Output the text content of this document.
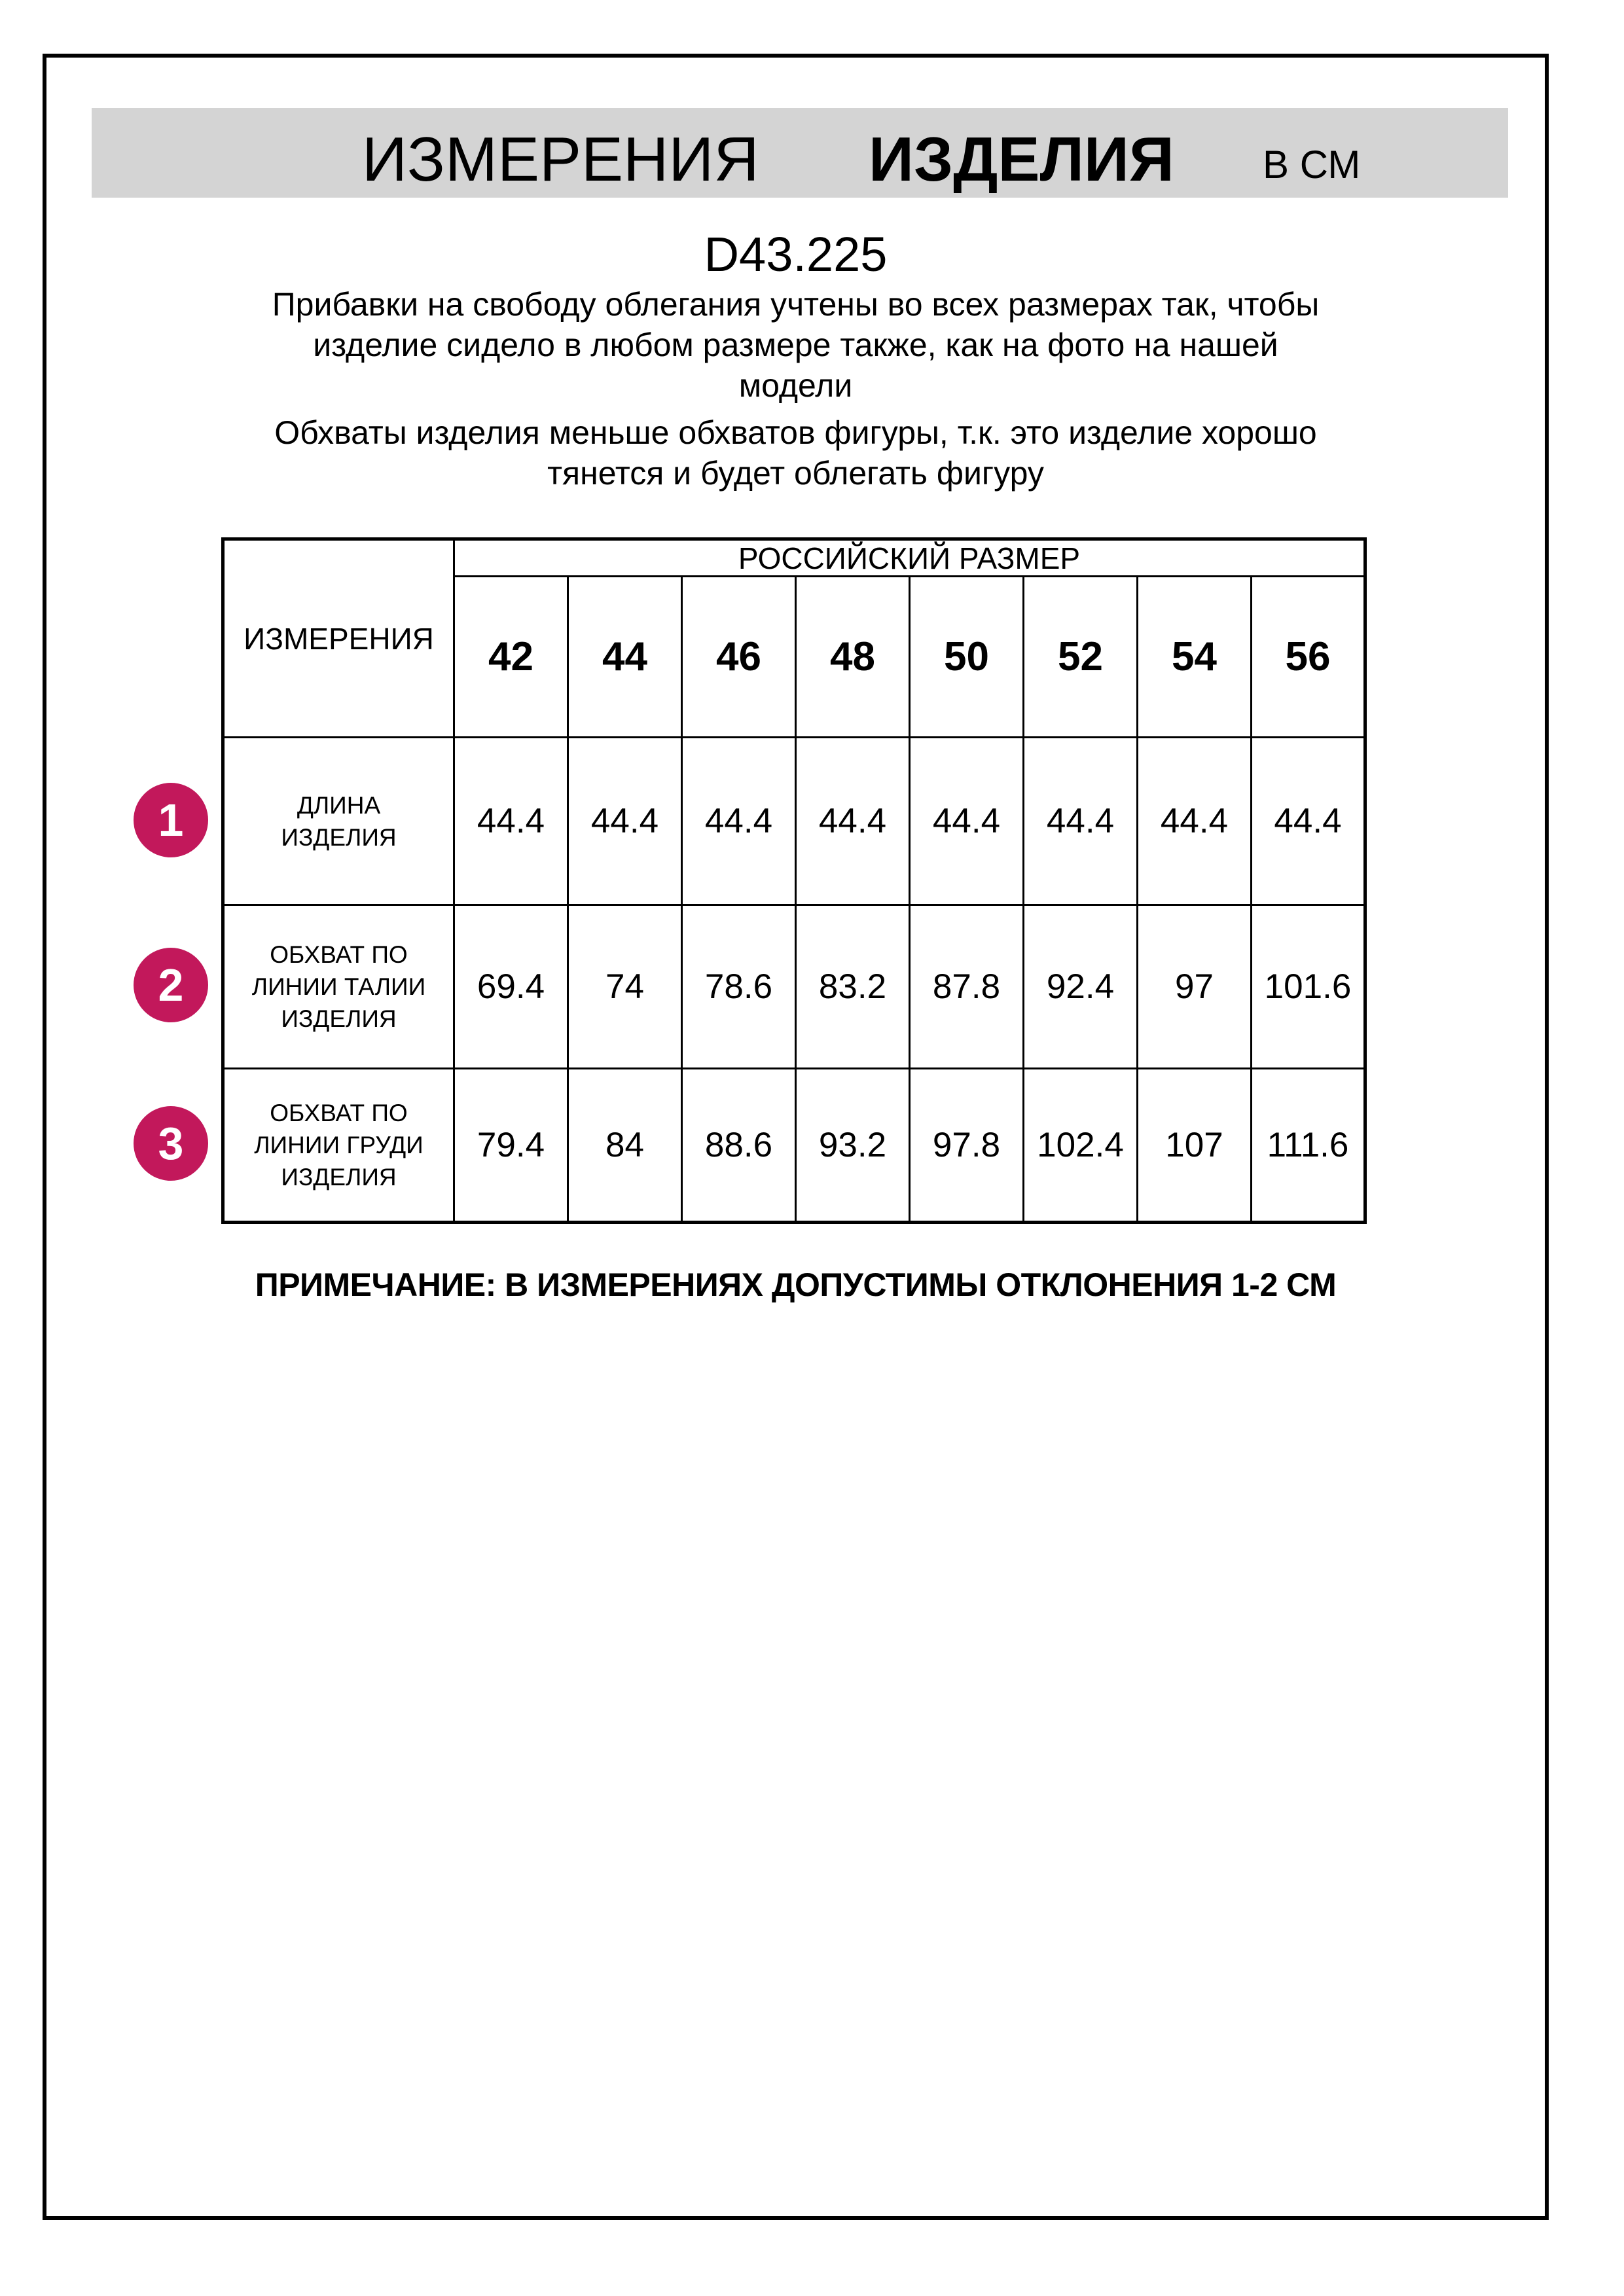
ИЗМЕРЕНИЯ ИЗДЕЛИЯ В СМ
D43.225
Прибавки на свободу облегания учтены во всех размерах так, чтобы
изделие сидело в любом размере также, как на фото на нашей
модели
Обхваты изделия меньше обхватов фигуры, т.к. это изделие хорошо
тянется и будет облегать фигуру
ИЗМЕРЕНИЯ	РОССИЙСКИЙ РАЗМЕР							
	42	44	46	48	50	52	54	56

ДЛИНА
ИЗДЕЛИЯ	44.4	44.4	44.4	44.4	44.4	44.4	44.4	44.4

ОБХВАТ ПО
ЛИНИИ ТАЛИИ
ИЗДЕЛИЯ	69.4	74	78.6	83.2	87.8	92.4	97	101.6

ОБХВАТ ПО
ЛИНИИ ГРУДИ
ИЗДЕЛИЯ	79.4	84	88.6	93.2	97.8	102.4	107	111.6
1
2
3
ПРИМЕЧАНИЕ: В ИЗМЕРЕНИЯХ ДОПУСТИМЫ ОТКЛОНЕНИЯ 1-2 СМ
